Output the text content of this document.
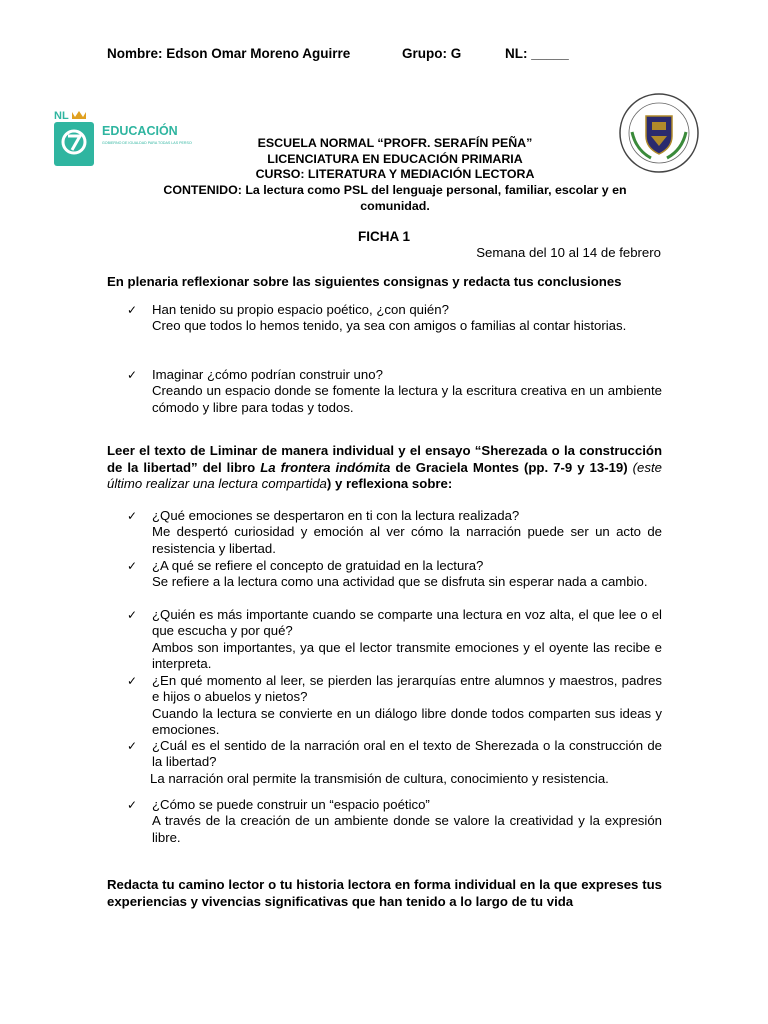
Nombre: Edson Omar Moreno Aguirre	Grupo: G	NL: _____
NL
EDUCACIÓN
GOBIERNO DE IGUALDAD PARA TODAS LAS PERSONAS	ESCUELA NORMAL “PROFR. SERAFÍN PEÑA”
LICENCIATURA EN EDUCACIÓN PRIMARIA
CURSO: LITERATURA Y MEDIACIÓN LECTORA
CONTENIDO: La lectura como PSL del lenguaje personal, familiar, escolar y en comunidad.
FICHA 1
Semana del 10 al 14 de febrero
En plenaria reflexionar sobre las siguientes consignas y redacta tus conclusiones
✓ Han tenido su propio espacio poético, ¿con quién?
Creo que todos lo hemos tenido, ya sea con amigos o familias al contar historias.
✓ Imaginar ¿cómo podrían construir uno?
Creando un espacio donde se fomente la lectura y la escritura creativa en un ambiente cómodo y libre para todas y todos.
Leer el texto de Liminar de manera individual y el ensayo “Sherezada o la construcción de la libertad” del libro La frontera indómita de Graciela Montes (pp. 7-9 y 13-19) (este último realizar una lectura compartida) y reflexiona sobre:
✓ ¿Qué emociones se despertaron en ti con la lectura realizada?
Me despertó curiosidad y emoción al ver cómo la narración puede ser un acto de resistencia y libertad.
✓ ¿A qué se refiere el concepto de gratuidad en la lectura?
Se refiere a la lectura como una actividad que se disfruta sin esperar nada a cambio.
✓ ¿Quién es más importante cuando se comparte una lectura en voz alta, el que lee o el que escucha y por qué?
Ambos son importantes, ya que el lector transmite emociones y el oyente las recibe e interpreta.
✓ ¿En qué momento al leer, se pierden las jerarquías entre alumnos y maestros, padres e hijos o abuelos y nietos?
Cuando la lectura se convierte en un diálogo libre donde todos comparten sus ideas y emociones.
✓ ¿Cuál es el sentido de la narración oral en el texto de Sherezada o la construcción de la libertad?
La narración oral permite la transmisión de cultura, conocimiento y resistencia.
✓ ¿Cómo se puede construir un “espacio poético”
A través de la creación de un ambiente donde se valore la creatividad y la expresión libre.
Redacta tu camino lector o tu historia lectora en forma individual en la que expreses tus experiencias y vivencias significativas que han tenido a lo largo de tu vida
